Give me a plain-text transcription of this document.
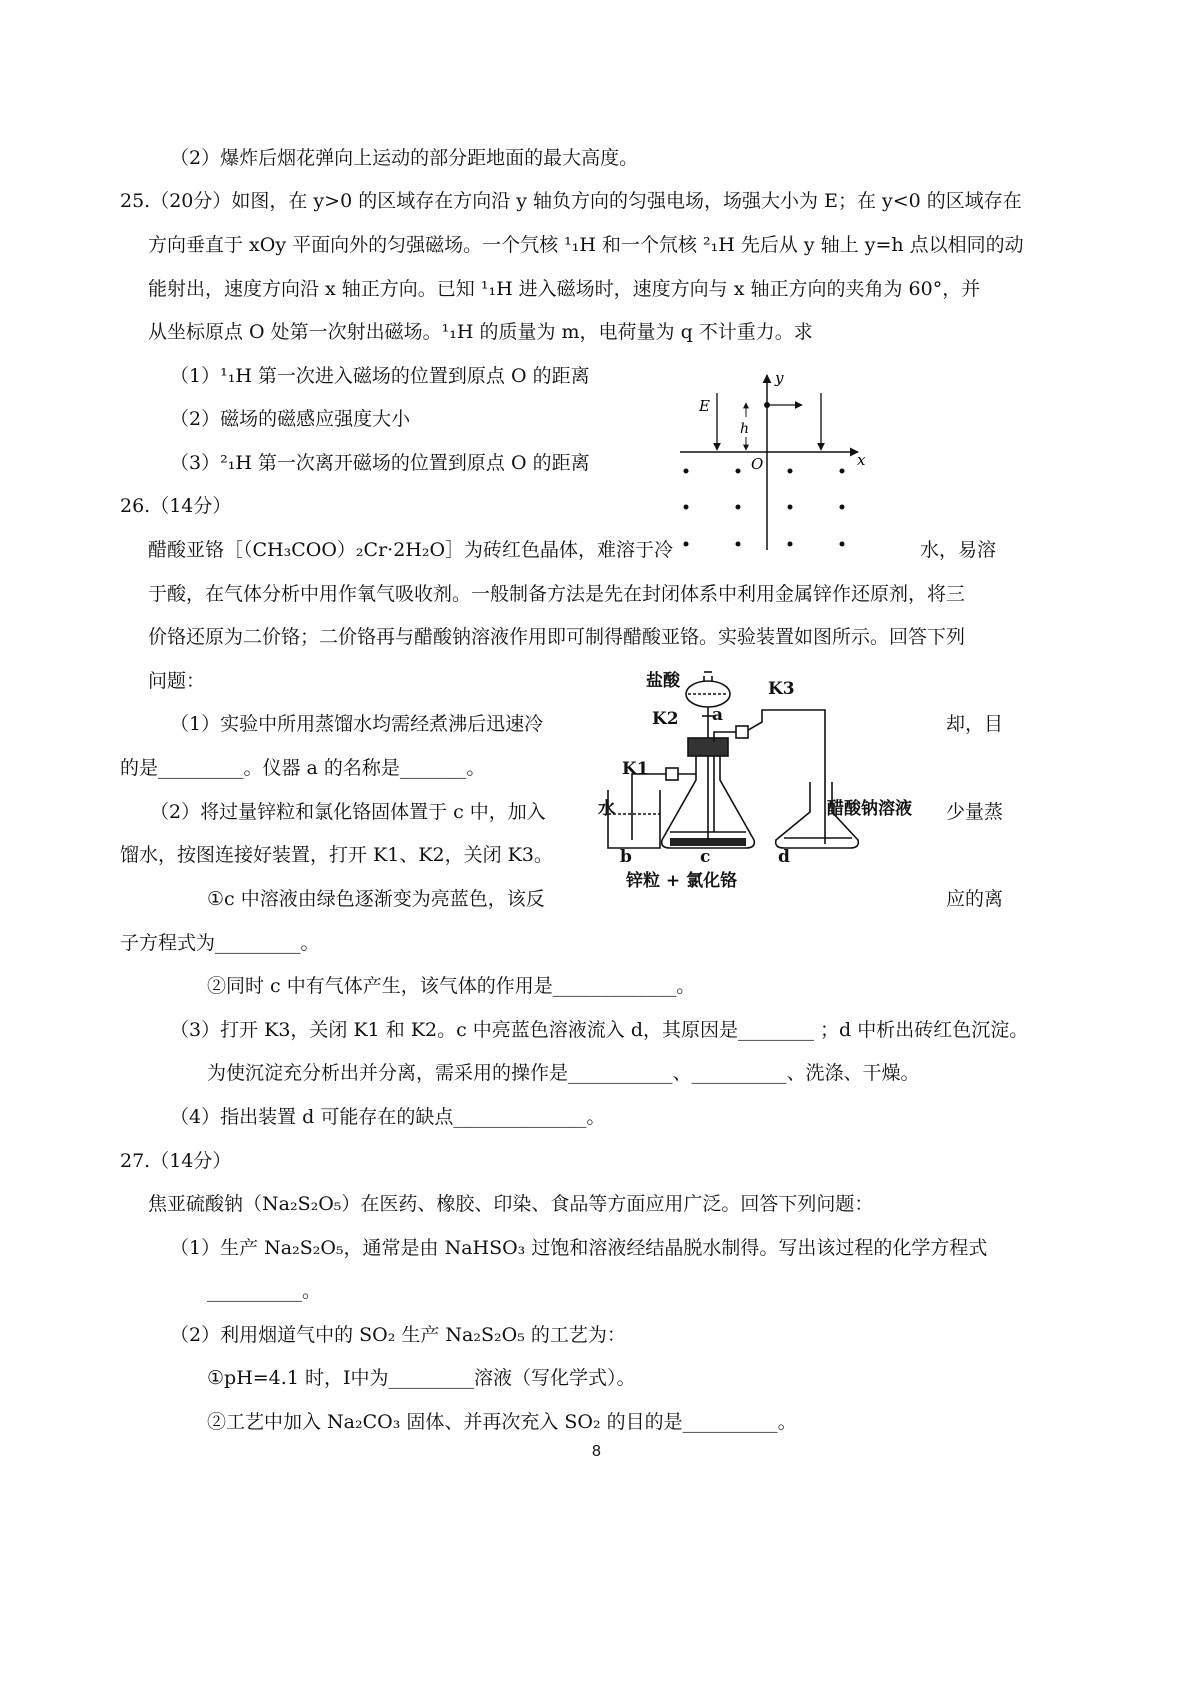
（2）爆炸后烟花弹向上运动的部分距地面的最大高度。
25.（20分）如图，在 y>0 的区域存在方向沿 y 轴负方向的匀强电场，场强大小为 E；在 y<0 的区域存在
方向垂直于 xOy 平面向外的匀强磁场。一个氕核 ¹₁H 和一个氘核 ²₁H 先后从 y 轴上 y=h 点以相同的动
能射出，速度方向沿 x 轴正方向。已知 ¹₁H 进入磁场时，速度方向与 x 轴正方向的夹角为 60°，并
从坐标原点 O 处第一次射出磁场。¹₁H 的质量为 m，电荷量为 q 不计重力。求
（1）¹₁H 第一次进入磁场的位置到原点 O 的距离
（2）磁场的磁感应强度大小
（3）²₁H 第一次离开磁场的位置到原点 O 的距离
26.（14分）
醋酸亚铬［（CH₃COO）₂Cr·2H₂O］为砖红色晶体，难溶于冷	水，易溶
于酸，在气体分析中用作氧气吸收剂。一般制备方法是先在封闭体系中利用金属锌作还原剂，将三
价铬还原为二价铬；二价铬再与醋酸钠溶液作用即可制得醋酸亚铬。实验装置如图所示。回答下列
问题：
（1）实验中所用蒸馏水均需经煮沸后迅速冷	却，目
的是_________。仪器 a 的名称是_______。
（2）将过量锌粒和氯化铬固体置于 c 中，加入	少量蒸
馏水，按图连接好装置，打开 K1、K2，关闭 K3。
①c 中溶液由绿色逐渐变为亮蓝色，该反	应的离
子方程式为_________。
②同时 c 中有气体产生，该气体的作用是_____________。
（3）打开 K3，关闭 K1 和 K2。c 中亮蓝色溶液流入 d，其原因是________ ；d 中析出砖红色沉淀。
为使沉淀充分析出并分离，需采用的操作是___________、__________、洗涤、干燥。
（4）指出装置 d 可能存在的缺点______________。
27.（14分）
焦亚硫酸钠（Na₂S₂O₅）在医药、橡胶、印染、食品等方面应用广泛。回答下列问题：
（1）生产 Na₂S₂O₅，通常是由 NaHSO₃ 过饱和溶液经结晶脱水制得。写出该过程的化学方程式
__________。
（2）利用烟道气中的 SO₂ 生产 Na₂S₂O₅ 的工艺为：
①pH=4.1 时，Ⅰ中为_________溶液（写化学式）。
②工艺中加入 Na₂CO₃ 固体、并再次充入 SO₂ 的目的是__________。
8
y
x
O
E
h
盐酸	K3
K2 a
K1
水	醋酸钠溶液
b	c	d
锌粒 + 氯化铬
